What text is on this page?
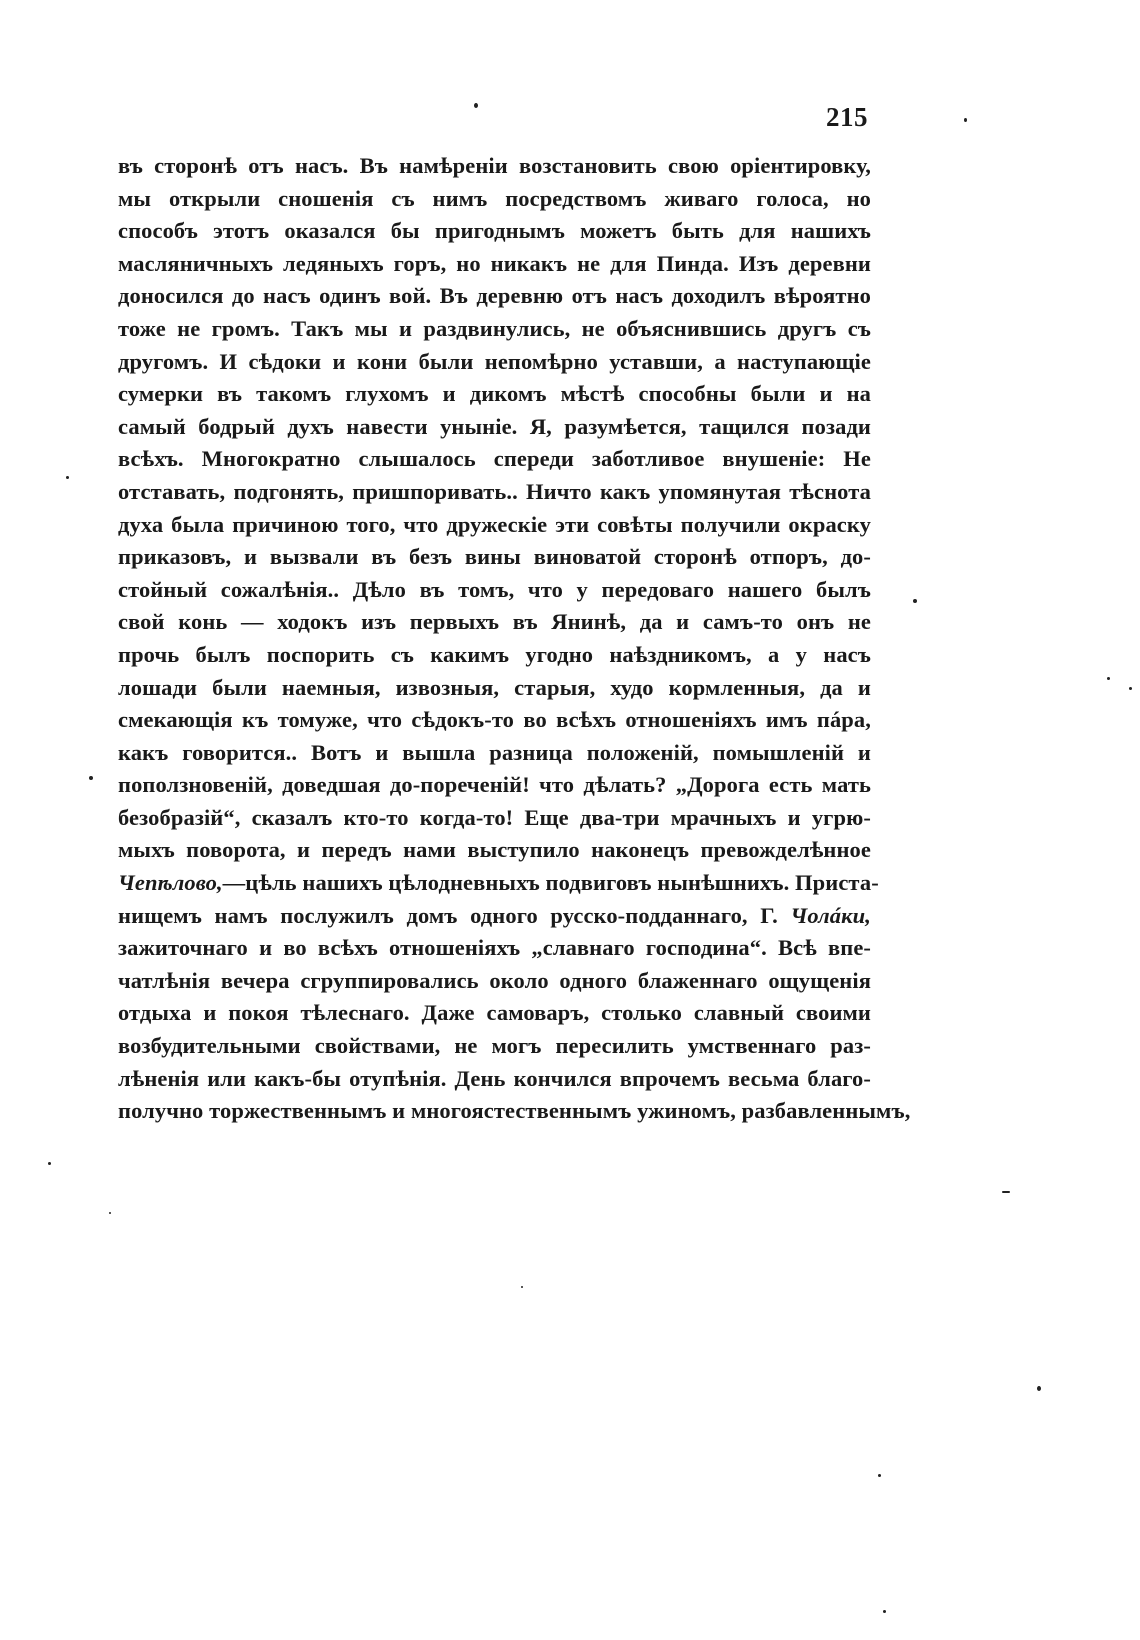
215
въ сторонѣ отъ насъ. Въ намѣреніи возстановить свою оріентировку,
мы открыли сношенія съ нимъ посредствомъ живаго голоса, но
способъ этотъ оказался бы пригоднымъ можетъ быть для нашихъ
масляничныхъ ледяныхъ горъ, но никакъ не для Пинда. Изъ деревни
доносился до насъ одинъ вой. Въ деревню отъ насъ доходилъ вѣроятно
тоже не громъ. Такъ мы и раздвинулись, не объяснившись другъ съ
другомъ. И сѣдоки и кони были непомѣрно уставши, а наступающіе
сумерки въ такомъ глухомъ и дикомъ мѣстѣ способны были и на
самый бодрый духъ навести уныніе. Я, разумѣется, тащился позади
всѣхъ. Многократно слышалось спереди заботливое внушеніе: Не
отставать, подгонять, пришпоривать.. Ничто какъ упомянутая тѣснота
духа была причиною того, что дружескіе эти совѣты получили окраску
приказовъ, и вызвали въ безъ вины виноватой сторонѣ отпоръ, до-
стойный сожалѣнія.. Дѣло въ томъ, что у передоваго нашего былъ
свой конь — ходокъ изъ первыхъ въ Янинѣ, да и самъ-то онъ не
прочь былъ поспорить съ какимъ угодно наѣздникомъ, а у насъ
лошади были наемныя, извозныя, старыя, худо кормленныя, да и
смекающія къ томуже, что сѣдокъ-то во всѣхъ отношеніяхъ имъ пáра,
какъ говорится.. Вотъ и вышла разница положеній, помышленій и
поползновеній, доведшая до-пореченій! что дѣлать? „Дорога есть мать
безобразій“, сказалъ кто-то когда-то! Еще два-три мрачныхъ и угрю-
мыхъ поворота, и передъ нами выступило наконецъ превожделѣнное
Чепѣлово,—цѣль нашихъ цѣлодневныхъ подвиговъ нынѣшнихъ. Приста-
нищемъ намъ послужилъ домъ одного русско-подданнаго, Г. Чолáки,
зажиточнаго и во всѣхъ отношеніяхъ „славнаго господина“. Всѣ впе-
чатлѣнія вечера сгруппировались около одного блаженнаго ощущенія
отдыха и покоя тѣлеснаго. Даже самоваръ, столько славный своими
возбудительными свойствами, не могъ пересилить умственнаго раз-
лѣненія или какъ-бы отупѣнія. День кончился впрочемъ весьма благо-
получно торжественнымъ и многоястественнымъ ужиномъ, разбавленнымъ,
